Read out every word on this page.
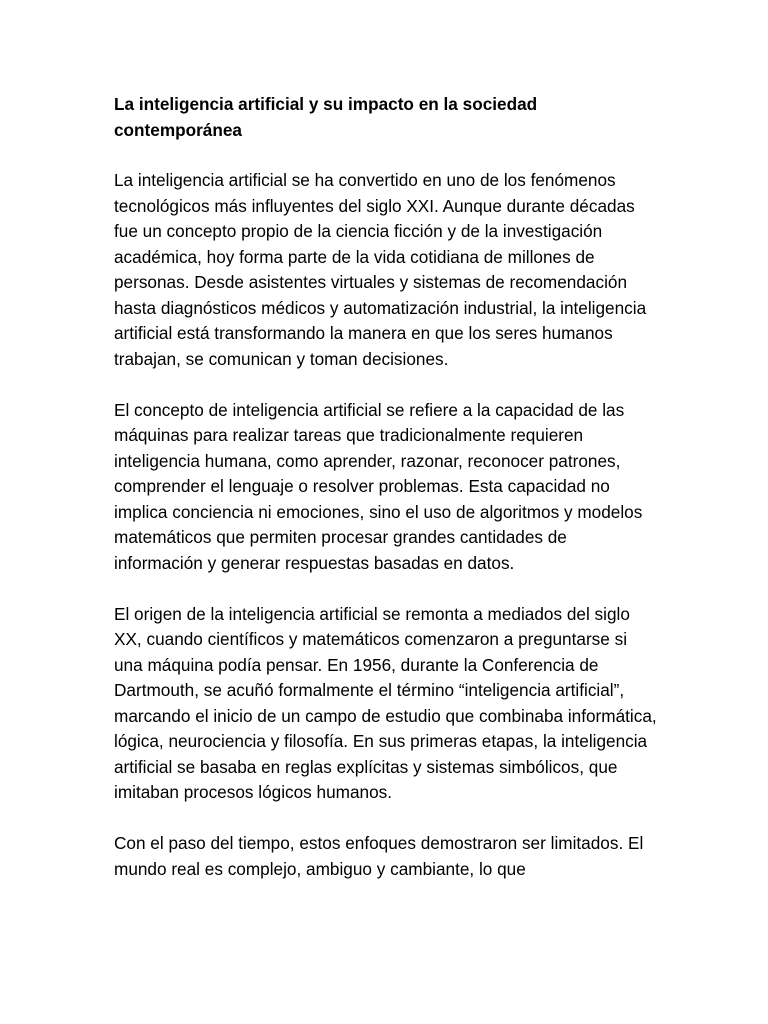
La inteligencia artificial y su impacto en la sociedad contemporánea

La inteligencia artificial se ha convertido en uno de los fenómenos tecnológicos más influyentes del siglo XXI. Aunque durante décadas fue un concepto propio de la ciencia ficción y de la investigación académica, hoy forma parte de la vida cotidiana de millones de personas. Desde asistentes virtuales y sistemas de recomendación hasta diagnósticos médicos y automatización industrial, la inteligencia artificial está transformando la manera en que los seres humanos trabajan, se comunican y toman decisiones.

El concepto de inteligencia artificial se refiere a la capacidad de las máquinas para realizar tareas que tradicionalmente requieren inteligencia humana, como aprender, razonar, reconocer patrones, comprender el lenguaje o resolver problemas. Esta capacidad no implica conciencia ni emociones, sino el uso de algoritmos y modelos matemáticos que permiten procesar grandes cantidades de información y generar respuestas basadas en datos.

El origen de la inteligencia artificial se remonta a mediados del siglo XX, cuando científicos y matemáticos comenzaron a preguntarse si una máquina podía pensar. En 1956, durante la Conferencia de Dartmouth, se acuñó formalmente el término “inteligencia artificial”, marcando el inicio de un campo de estudio que combinaba informática, lógica, neurociencia y filosofía. En sus primeras etapas, la inteligencia artificial se basaba en reglas explícitas y sistemas simbólicos, que imitaban procesos lógicos humanos.

Con el paso del tiempo, estos enfoques demostraron ser limitados. El mundo real es complejo, ambiguo y cambiante, lo que
